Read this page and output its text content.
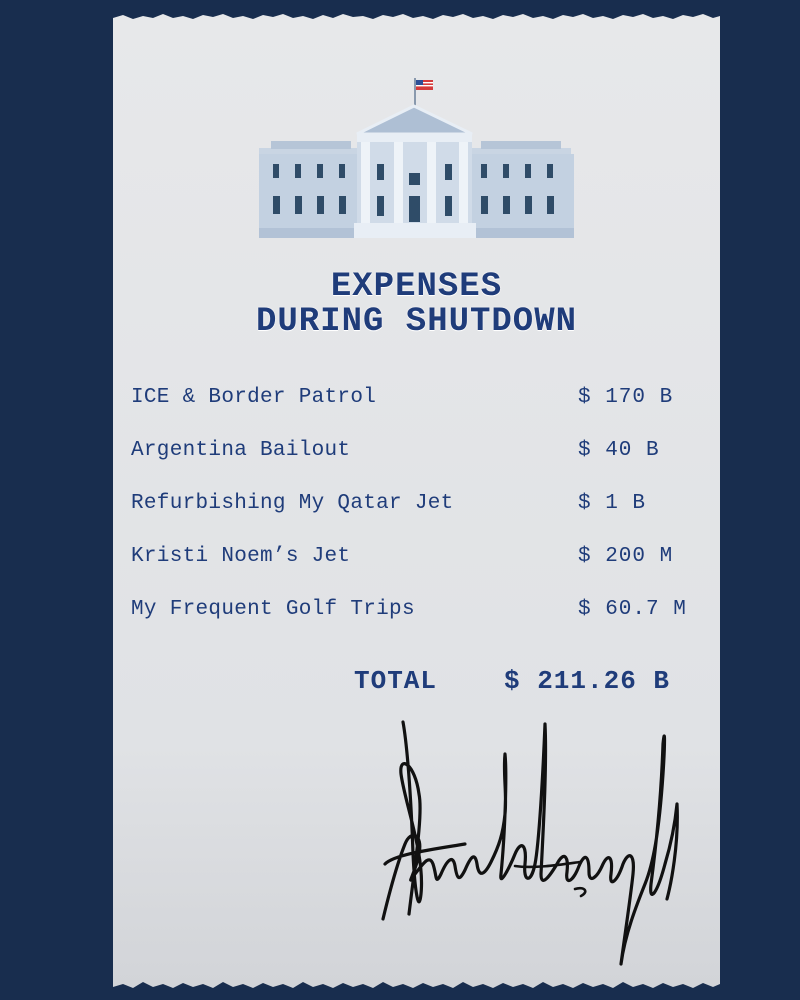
EXPENSES
DURING SHUTDOWN
ICE & Border Patrol	$ 170 B
Argentina Bailout	$ 40 B
Refurbishing My Qatar Jet	$ 1 B
Kristi Noem’s Jet	$ 200 M
My Frequent Golf Trips	$ 60.7 M
TOTAL	$ 211.26 B
